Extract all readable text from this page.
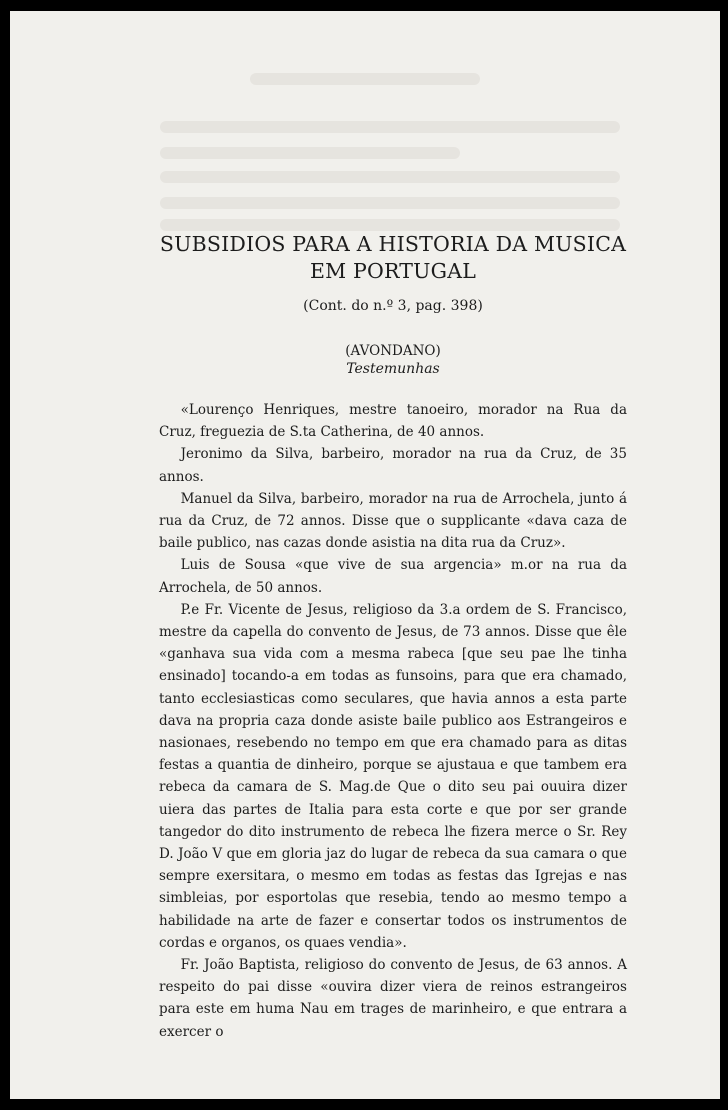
SUBSIDIOS PARA A HISTORIA DA MUSICA
EM PORTUGAL
(Cont. do n.º 3, pag. 398)
(AVONDANO)
Testemunhas

«Lourenço Henriques, mestre tanoeiro, morador na Rua da Cruz, freguezia de S.ta Catherina, de 40 annos.

Jeronimo da Silva, barbeiro, morador na rua da Cruz, de 35 annos.

Manuel da Silva, barbeiro, morador na rua de Arrochela, junto á rua da Cruz, de 72 annos. Disse que o supplicante «dava caza de baile publico, nas cazas donde asistia na dita rua da Cruz».

Luis de Sousa «que vive de sua argencia» m.or na rua da Arrochela, de 50 annos.

P.e Fr. Vicente de Jesus, religioso da 3.a ordem de S. Francisco, mestre da capella do convento de Jesus, de 73 annos. Disse que êle «ganhava sua vida com a mesma rabeca [que seu pae lhe tinha ensinado] tocando-a em todas as funsoins, para que era chamado, tanto ecclesiasticas como seculares, que havia annos a esta parte dava na propria caza donde asiste baile publico aos Estrangeiros e nasionaes, resebendo no tempo em que era chamado para as ditas festas a quantia de dinheiro, porque se ajustaua e que tambem era rebeca da camara de S. Mag.de Que o dito seu pai ouuira dizer uiera das partes de Italia para esta corte e que por ser grande tangedor do dito instrumento de rebeca lhe fizera merce o Sr. Rey D. João V que em gloria jaz do lugar de rebeca da sua camara o que sempre exersitara, o mesmo em todas as festas das Igrejas e nas simbleias, por esportolas que resebia, tendo ao mesmo tempo a habilidade na arte de fazer e consertar todos os instrumentos de cordas e organos, os quaes vendia».

Fr. João Baptista, religioso do convento de Jesus, de 63 annos. A respeito do pai disse «ouvira dizer viera de reinos estrangeiros para este em huma Nau em trages de marinheiro, e que entrara a exercer o
